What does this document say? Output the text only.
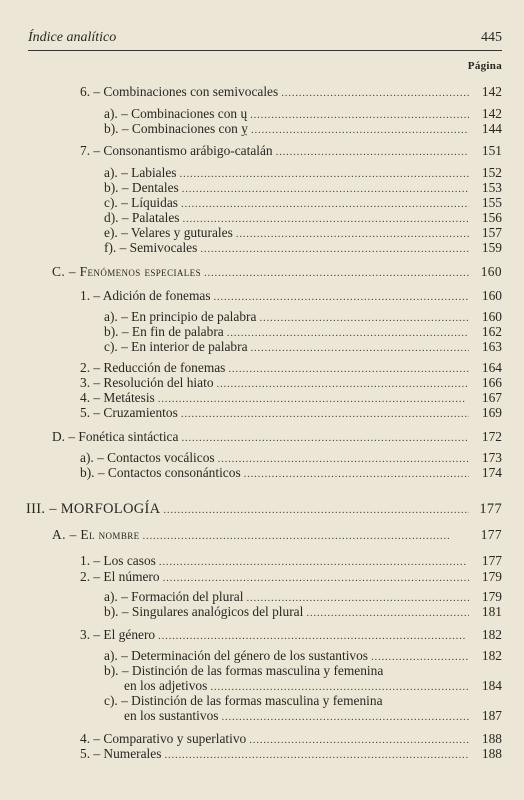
Índice analítico	445
Página
6. – Combinaciones con semivocales . . .	142
a). – Combinaciones con ų . . .	142
b). – Combinaciones con ỵ . . .	144
7. – Consonantismo arábigo-catalán . . .	151
a). – Labiales . . .	152
b). – Dentales . . .	153
c). – Líquidas . . .	155
d). – Palatales . . .	156
e). – Velares y guturales . . .	157
f). – Semivocales . . .	159
C. – Fenómenos especiales . . .	160
1. – Adición de fonemas . . .	160
a). – En principio de palabra . . .	160
b). – En fin de palabra . . .	162
c). – En interior de palabra . . .	163
2. – Reducción de fonemas . . .	164
3. – Resolución del hiato . . .	166
4. – Metátesis . . .	167
5. – Cruzamientos . . .	169
D. – Fonética sintáctica . . .	172
a). – Contactos vocálicos . . .	173
b). – Contactos consonánticos . . .	174
III. – MORFOLOGÍA . . .	177
A. – El nombre . . .	177
1. – Los casos . . .	177
2. – El número . . .	179
a). – Formación del plural . . .	179
b). – Singulares analógicos del plural . . .	181
3. – El género . . .	182
a). – Determinación del género de los sustantivos . . .	182
b). – Distinción de las formas masculina y femenina
en los adjetivos . . .	184
c). – Distinción de las formas masculina y femenina
en los sustantivos . . .	187
4. – Comparativo y superlativo . . .	188
5. – Numerales . . .	188
